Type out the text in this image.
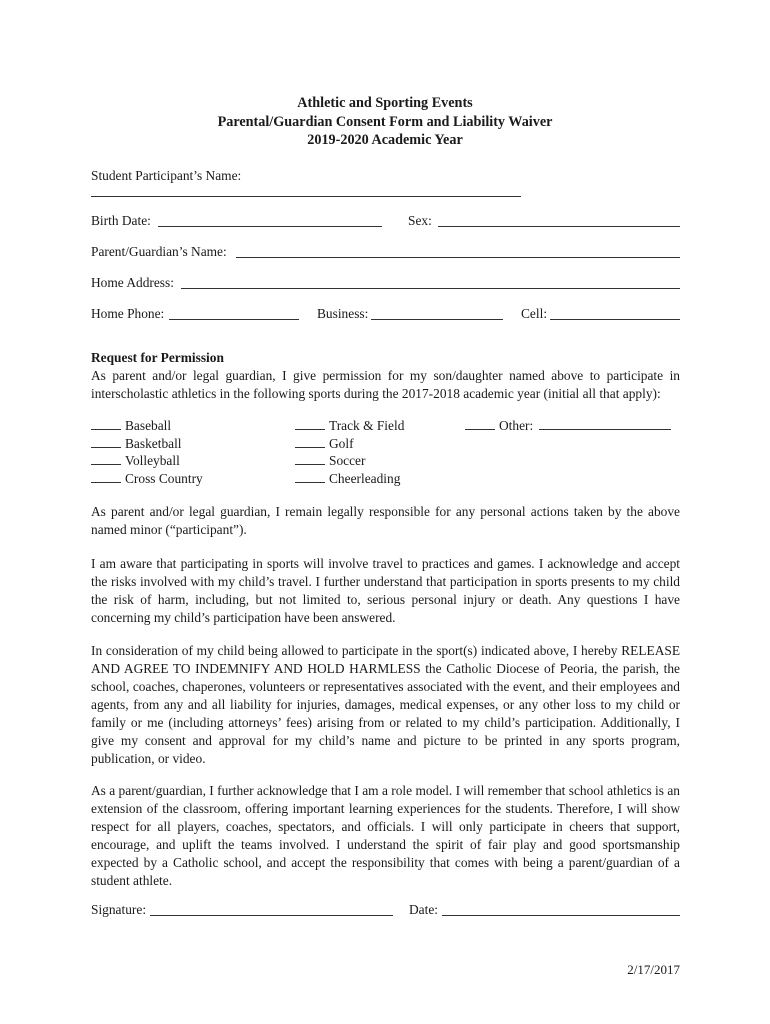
Athletic and Sporting Events
Parental/Guardian Consent Form and Liability Waiver
2019-2020 Academic Year
Student Participant’s Name:
Birth Date:	Sex:
Parent/Guardian’s Name:
Home Address:
Home Phone:	Business:	Cell:
Request for Permission
As parent and/or legal guardian, I give permission for my son/daughter named above to participate in interscholastic athletics in the following sports during the 2017-2018 academic year (initial all that apply):
Baseball
Basketball
Volleyball
Cross Country
Track & Field
Golf
Soccer
Cheerleading
Other:
As parent and/or legal guardian, I remain legally responsible for any personal actions taken by the above named minor (“participant”).
I am aware that participating in sports will involve travel to practices and games. I acknowledge and accept the risks involved with my child’s travel. I further understand that participation in sports presents to my child the risk of harm, including, but not limited to, serious personal injury or death. Any questions I have concerning my child’s participation have been answered.
In consideration of my child being allowed to participate in the sport(s) indicated above, I hereby RELEASE AND AGREE TO INDEMNIFY AND HOLD HARMLESS the Catholic Diocese of Peoria, the parish, the school, coaches, chaperones, volunteers or representatives associated with the event, and their employees and agents, from any and all liability for injuries, damages, medical expenses, or any other loss to my child or family or me (including attorneys’ fees) arising from or related to my child’s participation. Additionally, I give my consent and approval for my child’s name and picture to be printed in any sports program, publication, or video.
As a parent/guardian, I further acknowledge that I am a role model. I will remember that school athletics is an extension of the classroom, offering important learning experiences for the students. Therefore, I will show respect for all players, coaches, spectators, and officials. I will only participate in cheers that support, encourage, and uplift the teams involved. I understand the spirit of fair play and good sportsmanship expected by a Catholic school, and accept the responsibility that comes with being a parent/guardian of a student athlete.
Signature:	Date:
2/17/2017
